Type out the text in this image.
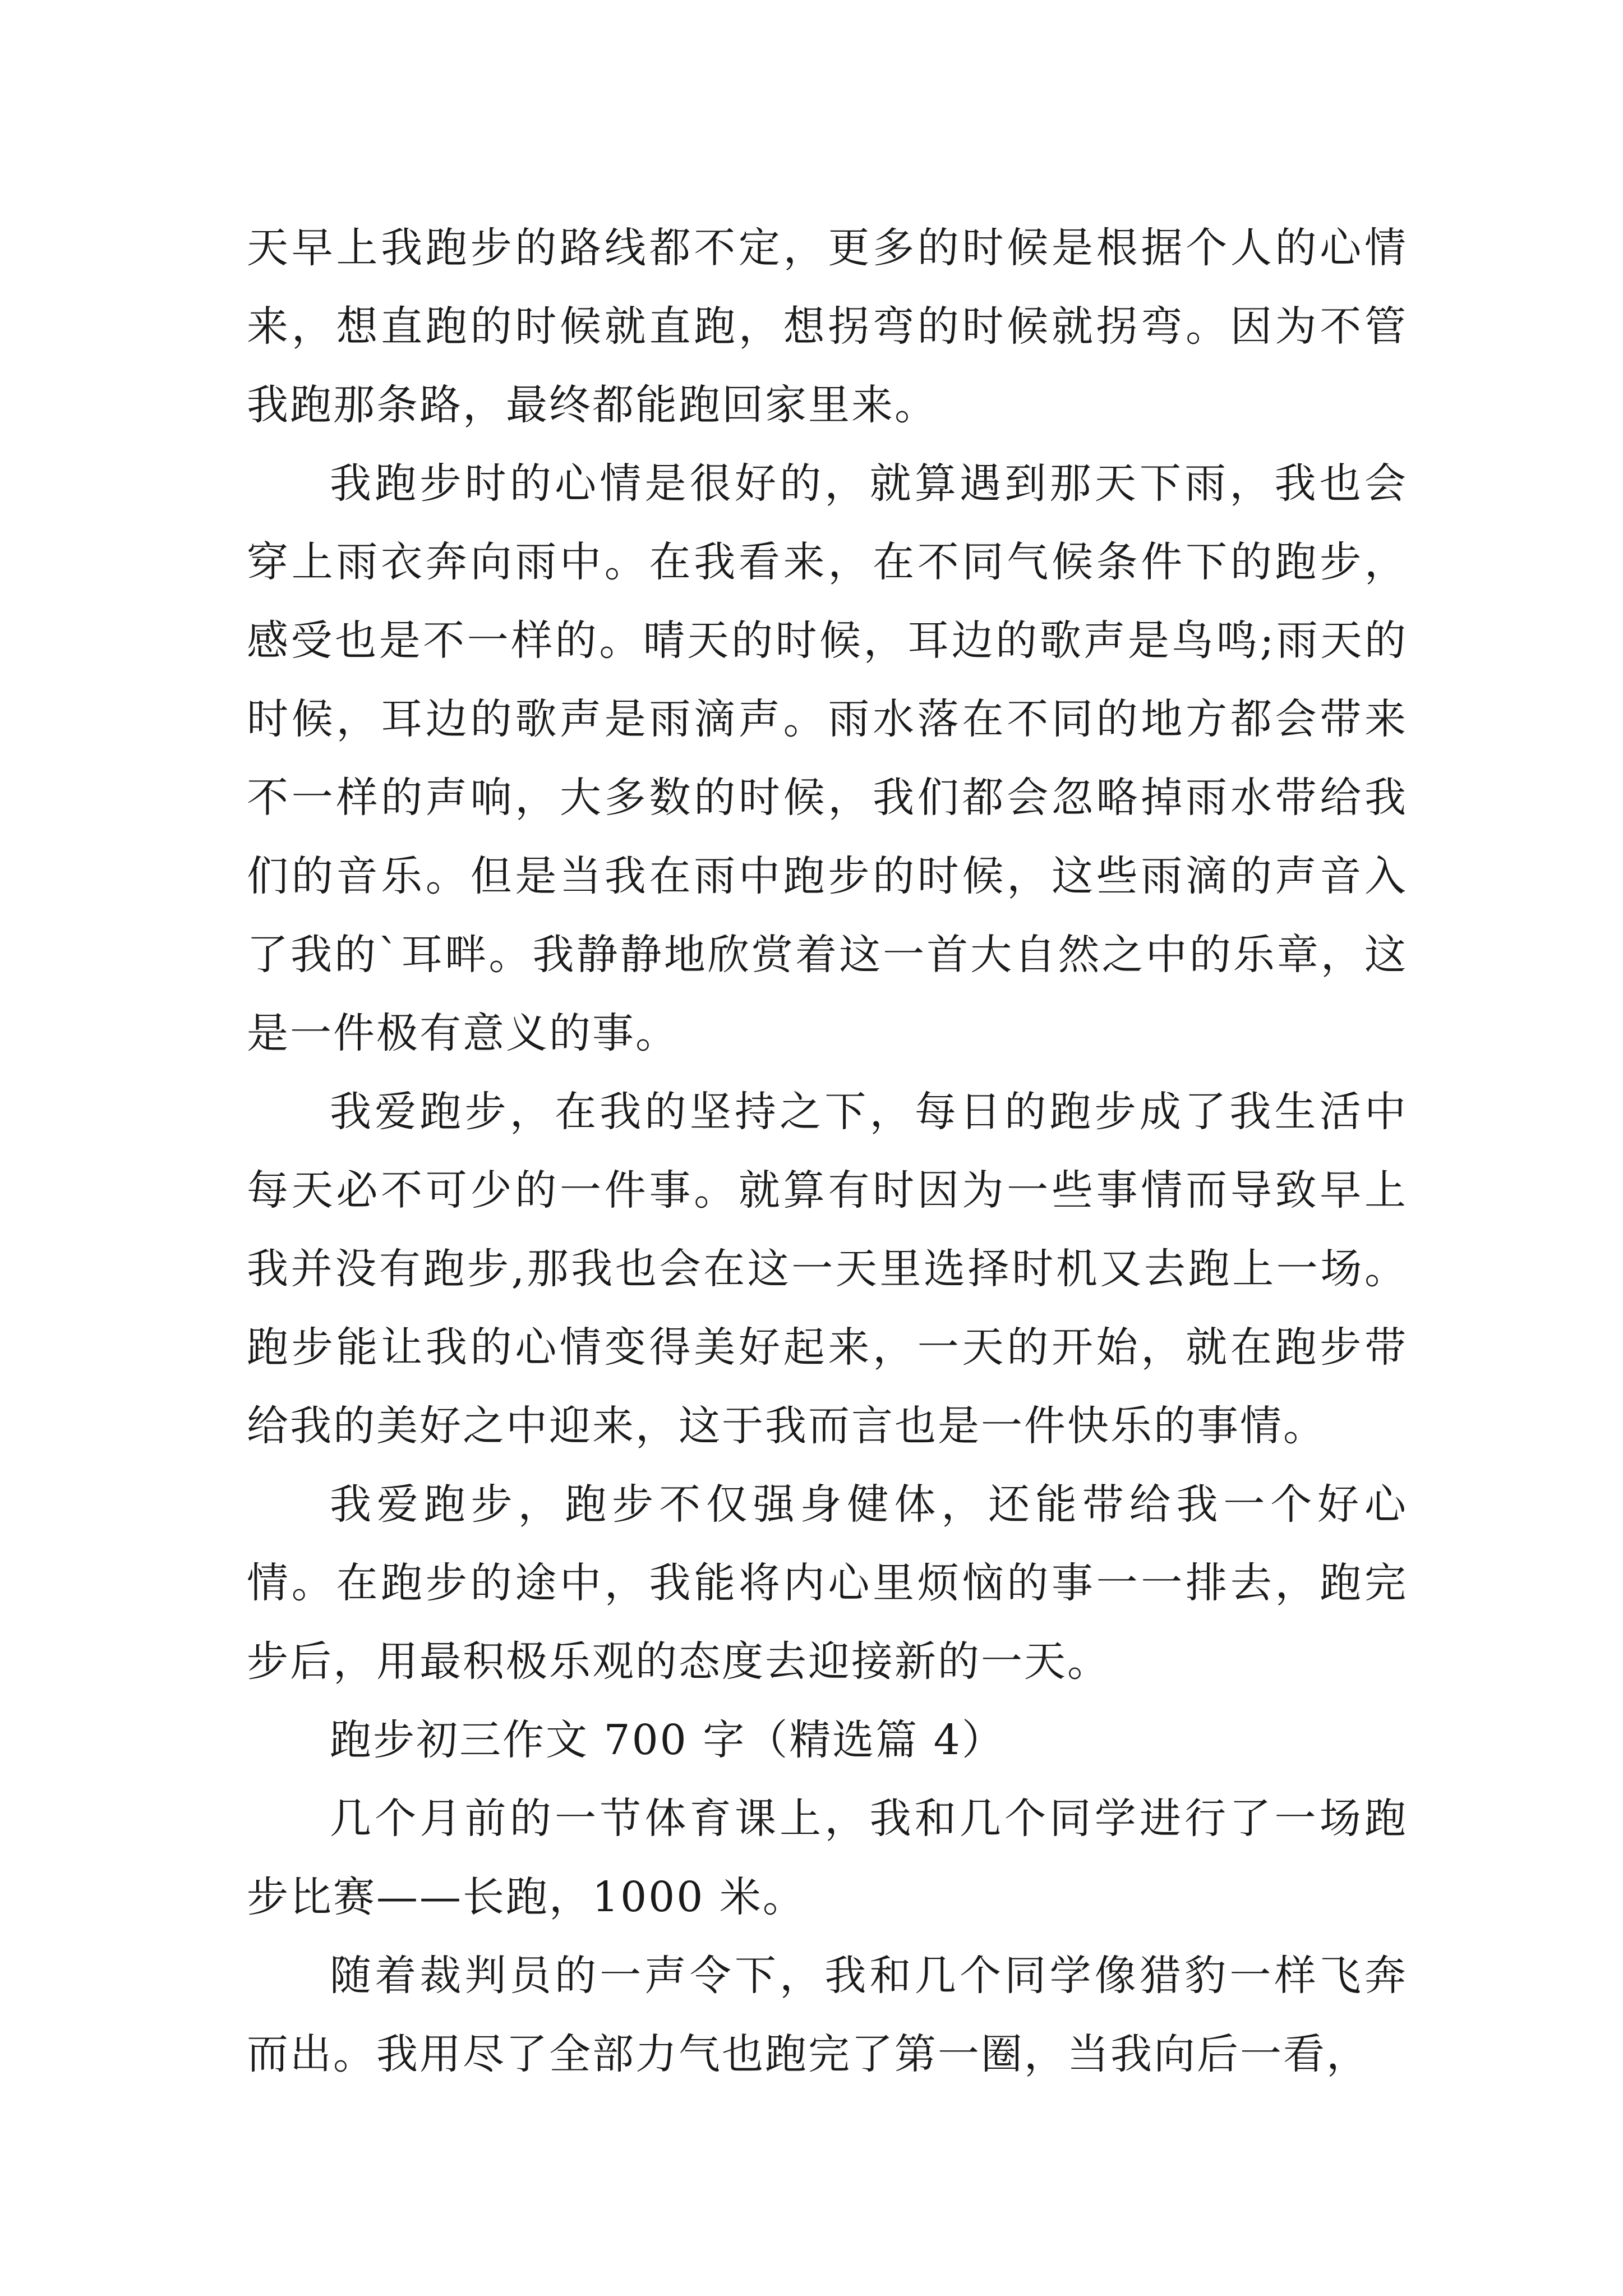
天早上我跑步的路线都不定，更多的时候是根据个人的心情来，想直跑的时候就直跑，想拐弯的时候就拐弯。因为不管我跑那条路，最终都能跑回家里来。

我跑步时的心情是很好的，就算遇到那天下雨，我也会穿上雨衣奔向雨中。在我看来，在不同气候条件下的跑步，感受也是不一样的。晴天的时候，耳边的歌声是鸟鸣;雨天的时候，耳边的歌声是雨滴声。雨水落在不同的地方都会带来不一样的声响，大多数的时候，我们都会忽略掉雨水带给我们的音乐。但是当我在雨中跑步的时候，这些雨滴的声音入了我的`耳畔。我静静地欣赏着这一首大自然之中的乐章，这是一件极有意义的事。

我爱跑步，在我的坚持之下，每日的跑步成了我生活中每天必不可少的一件事。就算有时因为一些事情而导致早上我并没有跑步,那我也会在这一天里选择时机又去跑上一场。跑步能让我的心情变得美好起来，一天的开始，就在跑步带给我的美好之中迎来，这于我而言也是一件快乐的事情。

我爱跑步，跑步不仅强身健体，还能带给我一个好心情。在跑步的途中，我能将内心里烦恼的事一一排去，跑完步后，用最积极乐观的态度去迎接新的一天。

跑步初三作文 700 字（精选篇 4）

几个月前的一节体育课上，我和几个同学进行了一场跑步比赛——长跑，1000 米。

随着裁判员的一声令下，我和几个同学像猎豹一样飞奔而出。我用尽了全部力气也跑完了第一圈，当我向后一看，
